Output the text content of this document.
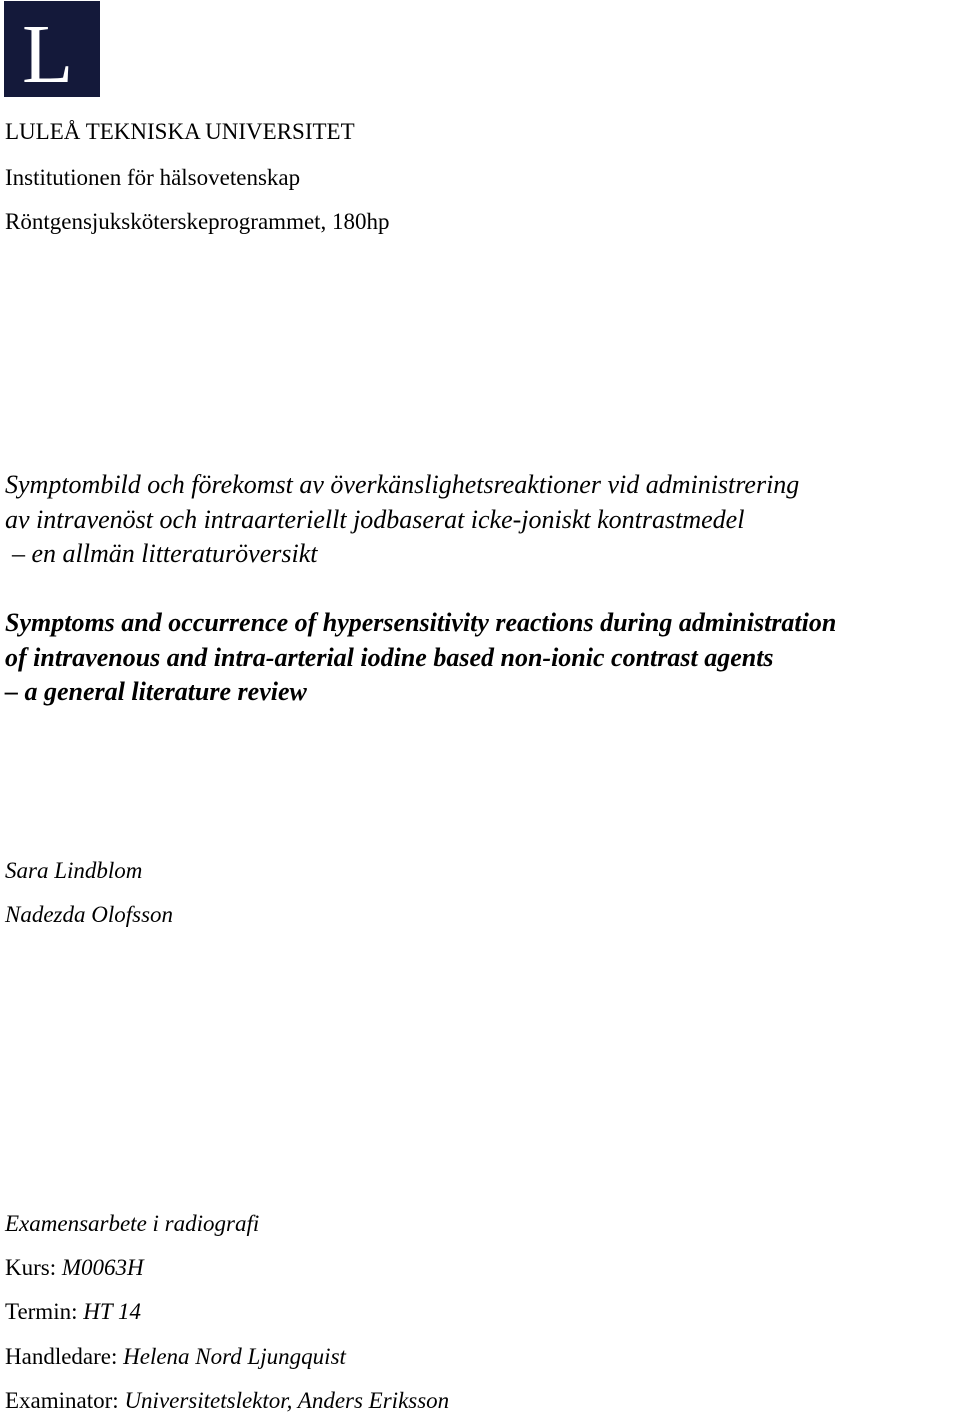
L
LULEÅ TEKNISKA UNIVERSITET
Institutionen för hälsovetenskap
Röntgensjuksköterskeprogrammet, 180hp
Symptombild och förekomst av överkänslighetsreaktioner vid administrering
av intravenöst och intraarteriellt jodbaserat icke-joniskt kontrastmedel
– en allmän litteraturöversikt
Symptoms and occurrence of hypersensitivity reactions during administration
of intravenous and intra-arterial iodine based non-ionic contrast agents
– a general literature review
Sara Lindblom
Nadezda Olofsson
Examensarbete i radiografi
Kurs: M0063H
Termin: HT 14
Handledare: Helena Nord Ljungquist
Examinator: Universitetslektor, Anders Eriksson
